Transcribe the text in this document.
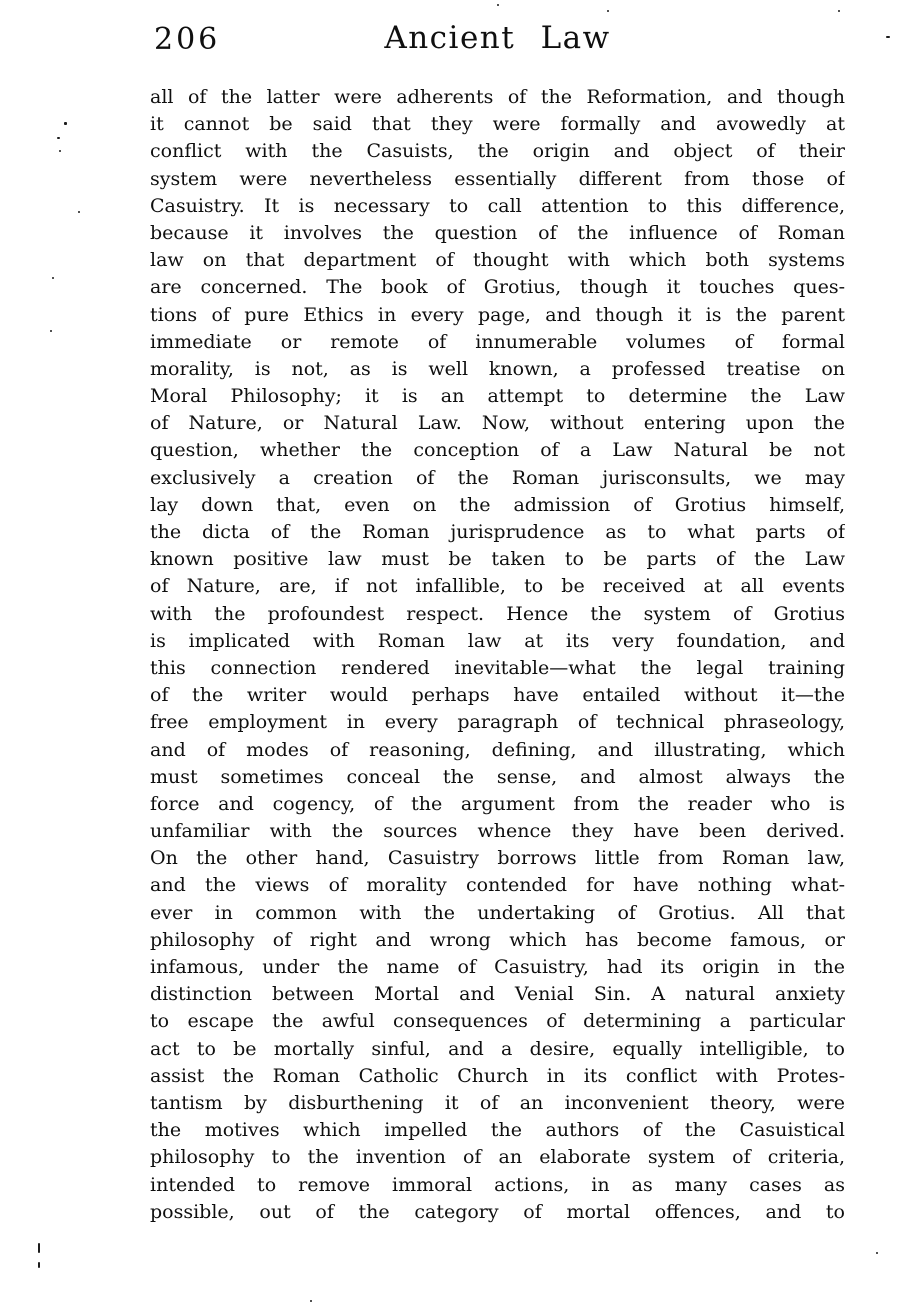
206	Ancient Law
all of the latter were adherents of the Reformation, and though
it cannot be said that they were formally and avowedly at
conflict with the Casuists, the origin and object of their
system were nevertheless essentially different from those of
Casuistry. It is necessary to call attention to this difference,
because it involves the question of the influence of Roman
law on that department of thought with which both systems
are concerned. The book of Grotius, though it touches ques-
tions of pure Ethics in every page, and though it is the parent
immediate or remote of innumerable volumes of formal
morality, is not, as is well known, a professed treatise on
Moral Philosophy; it is an attempt to determine the Law
of Nature, or Natural Law. Now, without entering upon the
question, whether the conception of a Law Natural be not
exclusively a creation of the Roman jurisconsults, we may
lay down that, even on the admission of Grotius himself,
the dicta of the Roman jurisprudence as to what parts of
known positive law must be taken to be parts of the Law
of Nature, are, if not infallible, to be received at all events
with the profoundest respect. Hence the system of Grotius
is implicated with Roman law at its very foundation, and
this connection rendered inevitable—what the legal training
of the writer would perhaps have entailed without it—the
free employment in every paragraph of technical phraseology,
and of modes of reasoning, defining, and illustrating, which
must sometimes conceal the sense, and almost always the
force and cogency, of the argument from the reader who is
unfamiliar with the sources whence they have been derived.
On the other hand, Casuistry borrows little from Roman law,
and the views of morality contended for have nothing what-
ever in common with the undertaking of Grotius. All that
philosophy of right and wrong which has become famous, or
infamous, under the name of Casuistry, had its origin in the
distinction between Mortal and Venial Sin. A natural anxiety
to escape the awful consequences of determining a particular
act to be mortally sinful, and a desire, equally intelligible, to
assist the Roman Catholic Church in its conflict with Protes-
tantism by disburthening it of an inconvenient theory, were
the motives which impelled the authors of the Casuistical
philosophy to the invention of an elaborate system of criteria,
intended to remove immoral actions, in as many cases as
possible, out of the category of mortal offences, and to
